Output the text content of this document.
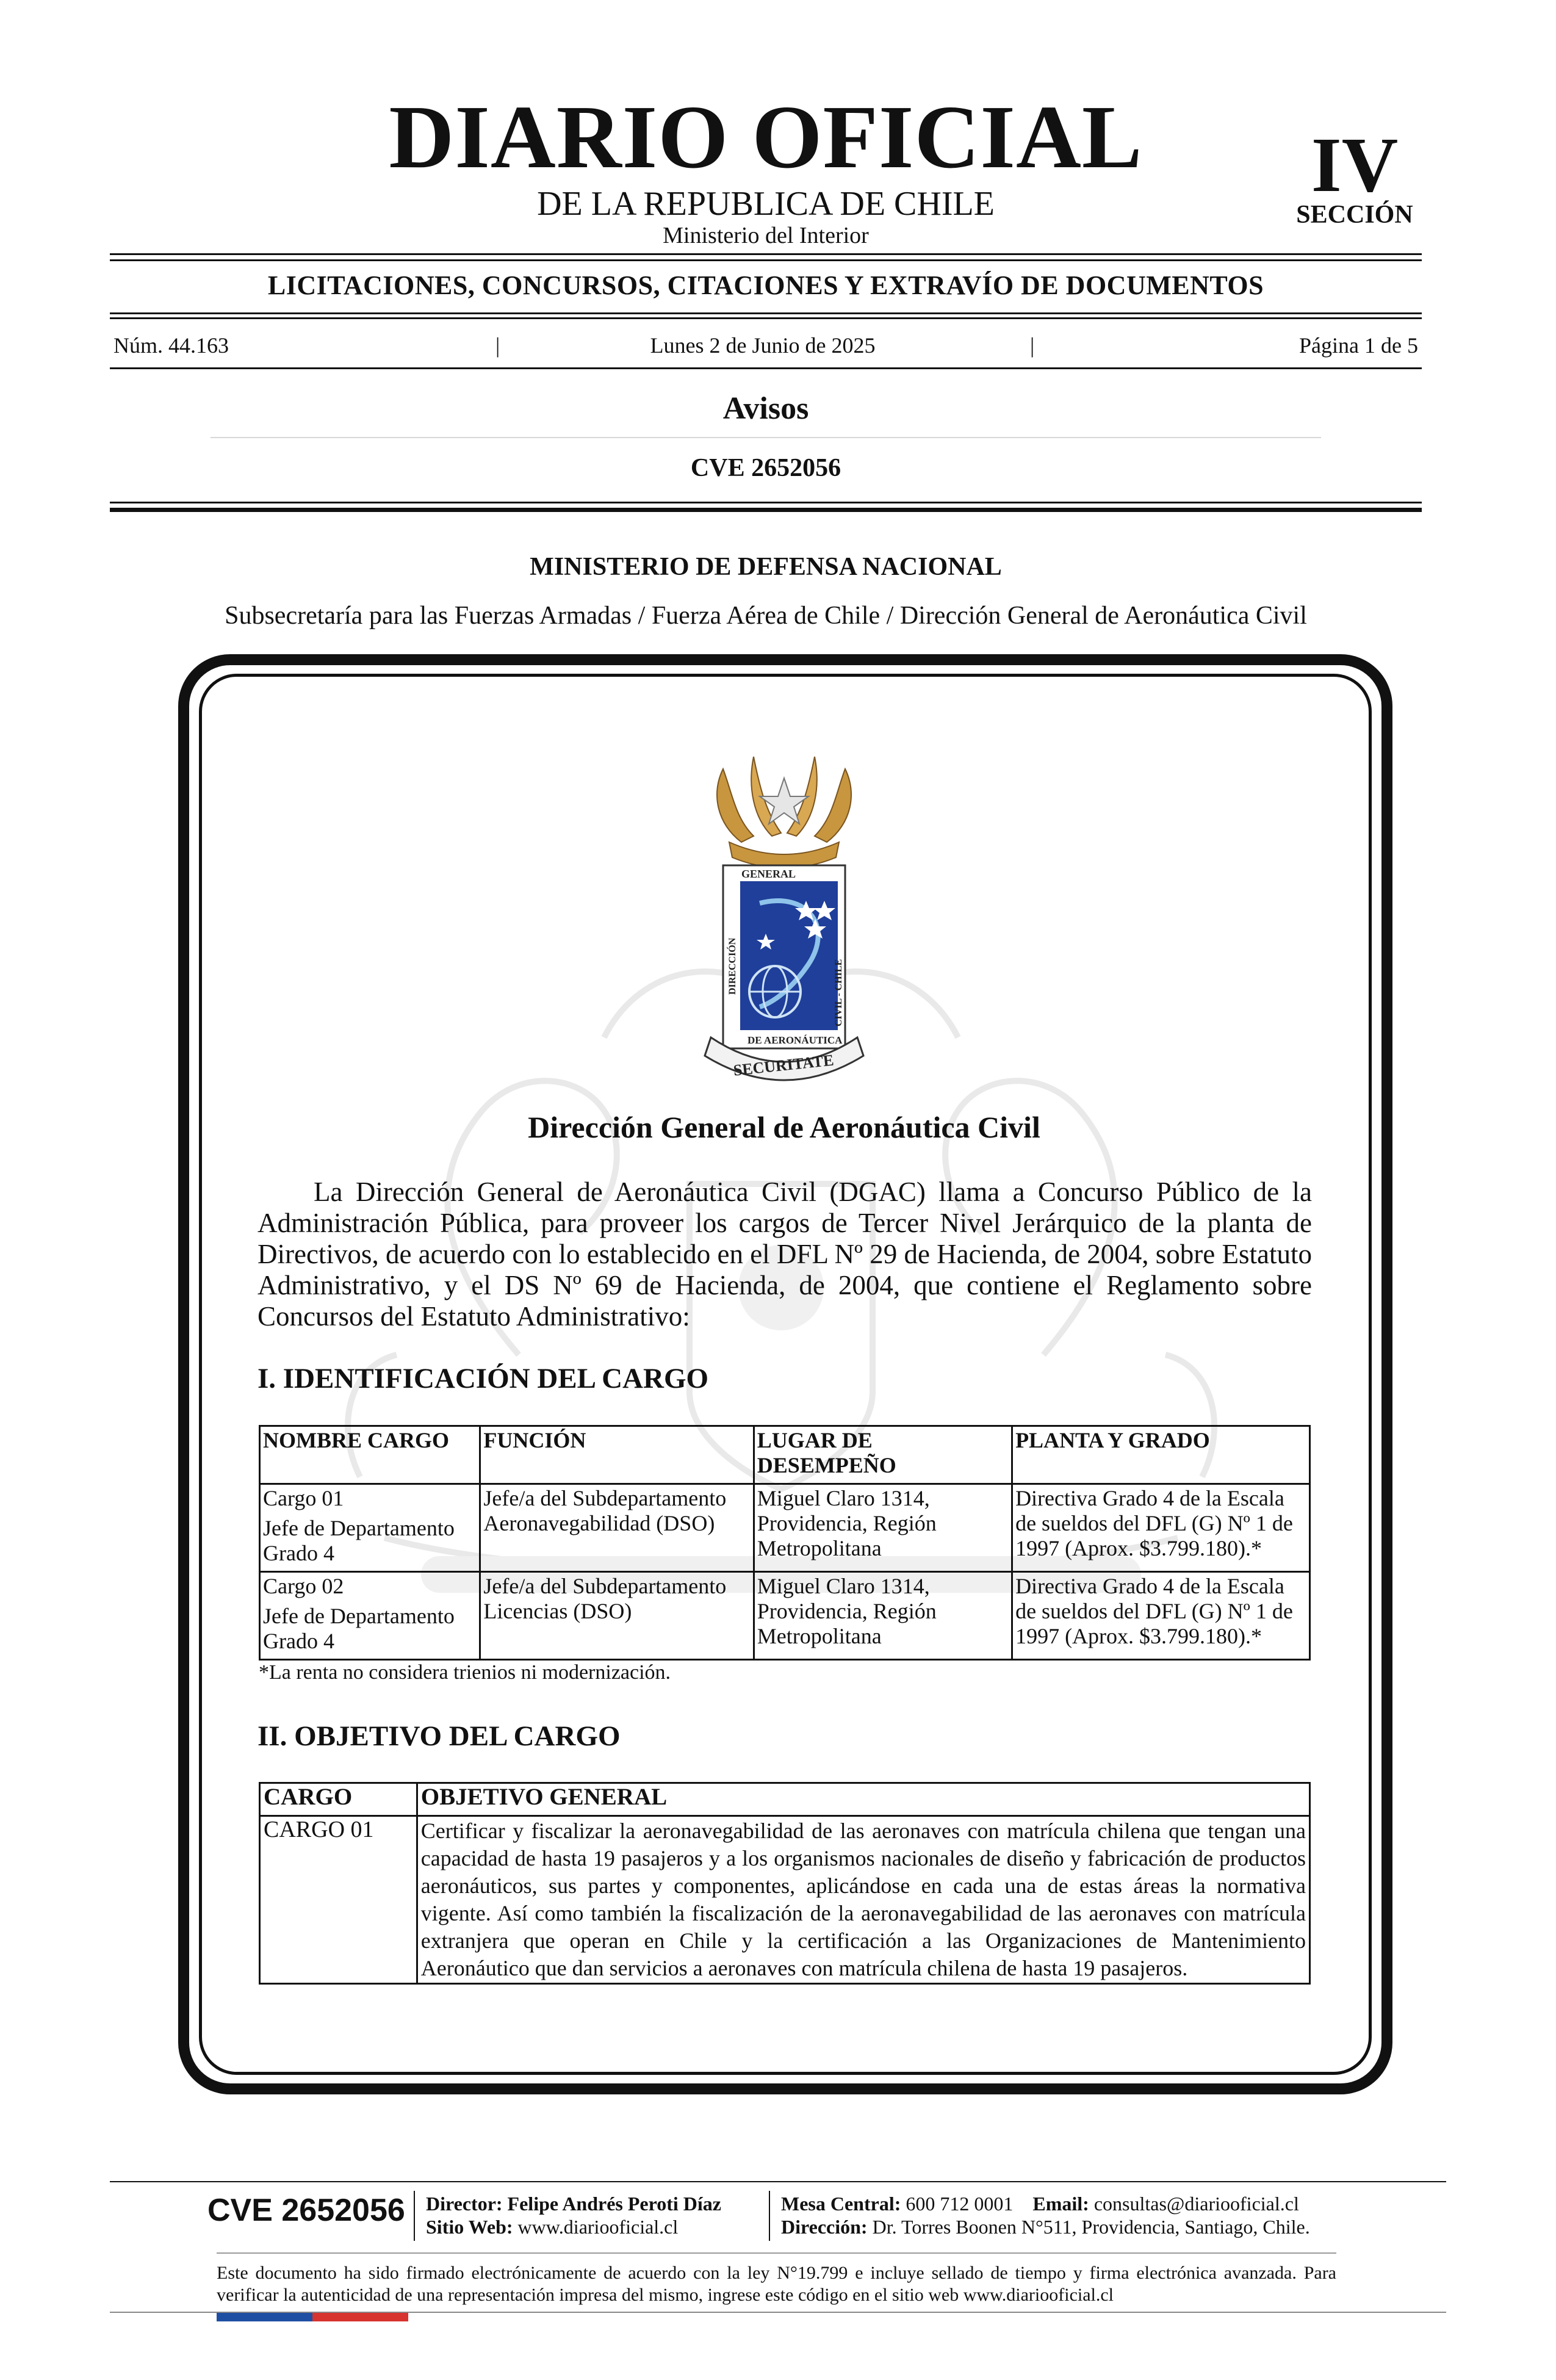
DIARIO OFICIAL
DE LA REPUBLICA DE CHILE
Ministerio del Interior
IV
SECCIÓN
LICITACIONES, CONCURSOS, CITACIONES Y EXTRAVÍO DE DOCUMENTOS
Núm. 44.163	|	Lunes 2 de Junio de 2025	|	Página 1 de 5
Avisos
CVE 2652056
MINISTERIO DE DEFENSA NACIONAL
Subsecretaría para las Fuerzas Armadas / Fuerza Aérea de Chile / Dirección General de Aeronáutica Civil
GENERAL
DIRECCIÓN	CIVIL - CHILE
DE AERONÁUTICA
SECURITATE
Dirección General de Aeronáutica Civil
La Dirección General de Aeronáutica Civil (DGAC) llama a Concurso Público de la Administración Pública, para proveer los cargos de Tercer Nivel Jerárquico de la planta de Directivos, de acuerdo con lo establecido en el DFL Nº 29 de Hacienda, de 2004, sobre Estatuto Administrativo, y el DS Nº 69 de Hacienda, de 2004, que contiene el Reglamento sobre Concursos del Estatuto Administrativo:
I. IDENTIFICACIÓN DEL CARGO
NOMBRE CARGO	FUNCIÓN	LUGAR DE DESEMPEÑO	PLANTA Y GRADO

Cargo 01
Jefe de Departamento
Grado 4	Jefe/a del Subdepartamento Aeronavegabilidad (DSO)	Miguel Claro 1314, Providencia, Región Metropolitana	Directiva Grado 4 de la Escala de sueldos del DFL (G) Nº 1 de 1997 (Aprox. $3.799.180).*

Cargo 02
Jefe de Departamento
Grado 4	Jefe/a del Subdepartamento Licencias (DSO)	Miguel Claro 1314, Providencia, Región Metropolitana	Directiva Grado 4 de la Escala de sueldos del DFL (G) Nº 1 de 1997 (Aprox. $3.799.180).*
*La renta no considera trienios ni modernización.
II. OBJETIVO DEL CARGO
CARGO	OBJETIVO GENERAL
CARGO 01	Certificar y fiscalizar la aeronavegabilidad de las aeronaves con matrícula chilena que tengan una capacidad de hasta 19 pasajeros y a los organismos nacionales de diseño y fabricación de productos aeronáuticos, sus partes y componentes, aplicándose en cada una de estas áreas la normativa vigente. Así como también la fiscalización de la aeronavegabilidad de las aeronaves con matrícula extranjera que operan en Chile y la certificación a las Organizaciones de Mantenimiento Aeronáutico que dan servicios a aeronaves con matrícula chilena de hasta 19 pasajeros.
CVE 2652056 Director: Felipe Andrés Peroti Díaz
Sitio Web: www.diariooficial.cl
Mesa Central: 600 712 0001 Email: consultas@diariooficial.cl
Dirección: Dr. Torres Boonen N°511, Providencia, Santiago, Chile.
Este documento ha sido firmado electrónicamente de acuerdo con la ley N°19.799 e incluye sellado de tiempo y firma electrónica avanzada. Para verificar la autenticidad de una representación impresa del mismo, ingrese este código en el sitio web www.diariooficial.cl
